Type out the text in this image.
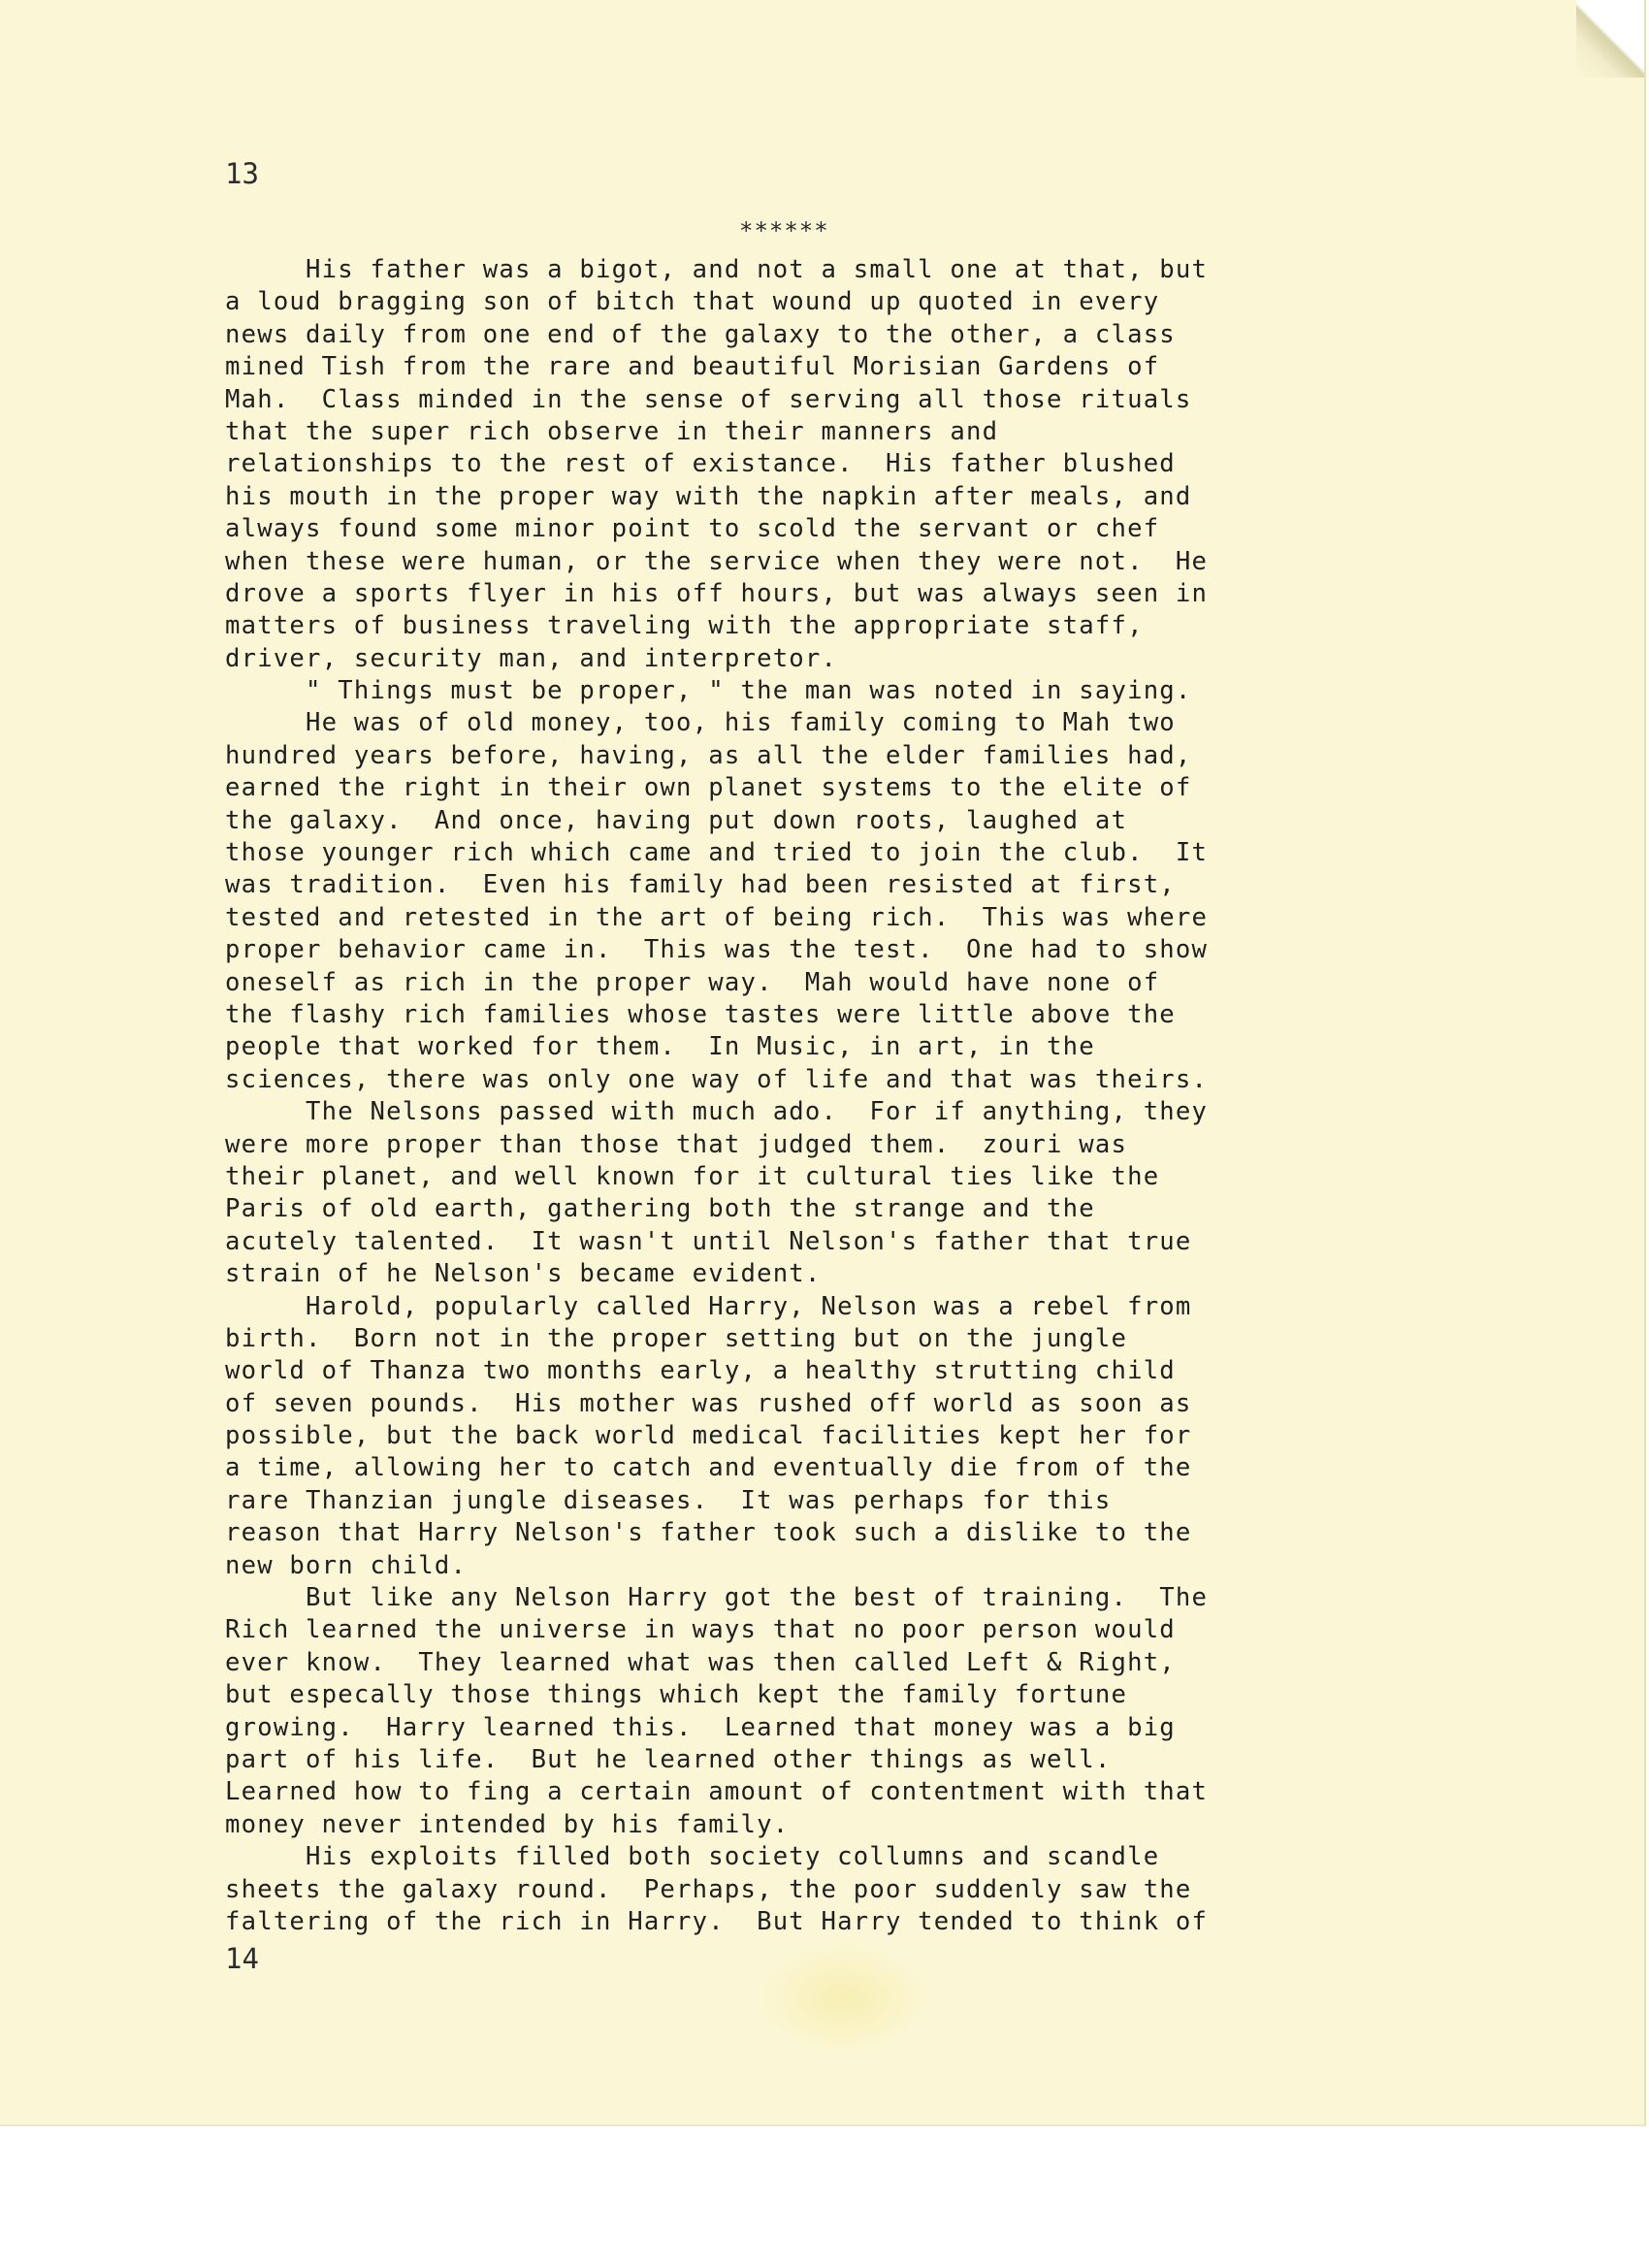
13
******
His father was a bigot, and not a small one at that, but
a loud bragging son of bitch that wound up quoted in every
news daily from one end of the galaxy to the other, a class
mined Tish from the rare and beautiful Morisian Gardens of
Mah.  Class minded in the sense of serving all those rituals
that the super rich observe in their manners and
relationships to the rest of existance.  His father blushed
his mouth in the proper way with the napkin after meals, and
always found some minor point to scold the servant or chef
when these were human, or the service when they were not.  He
drove a sports flyer in his off hours, but was always seen in
matters of business traveling with the appropriate staff,
driver, security man, and interpretor.
" Things must be proper, " the man was noted in saying.
He was of old money, too, his family coming to Mah two
hundred years before, having, as all the elder families had,
earned the right in their own planet systems to the elite of
the galaxy.  And once, having put down roots, laughed at
those younger rich which came and tried to join the club.  It
was tradition.  Even his family had been resisted at first,
tested and retested in the art of being rich.  This was where
proper behavior came in.  This was the test.  One had to show
oneself as rich in the proper way.  Mah would have none of
the flashy rich families whose tastes were little above the
people that worked for them.  In Music, in art, in the
sciences, there was only one way of life and that was theirs.
The Nelsons passed with much ado.  For if anything, they
were more proper than those that judged them.  zouri was
their planet, and well known for it cultural ties like the
Paris of old earth, gathering both the strange and the
acutely talented.  It wasn't until Nelson's father that true
strain of he Nelson's became evident.
Harold, popularly called Harry, Nelson was a rebel from
birth.  Born not in the proper setting but on the jungle
world of Thanza two months early, a healthy strutting child
of seven pounds.  His mother was rushed off world as soon as
possible, but the back world medical facilities kept her for
a time, allowing her to catch and eventually die from of the
rare Thanzian jungle diseases.  It was perhaps for this
reason that Harry Nelson's father took such a dislike to the
new born child.
But like any Nelson Harry got the best of training.  The
Rich learned the universe in ways that no poor person would
ever know.  They learned what was then called Left & Right,
but especally those things which kept the family fortune
growing.  Harry learned this.  Learned that money was a big
part of his life.  But he learned other things as well.
Learned how to fing a certain amount of contentment with that
money never intended by his family.
His exploits filled both society collumns and scandle
sheets the galaxy round.  Perhaps, the poor suddenly saw the
faltering of the rich in Harry.  But Harry tended to think of
14
